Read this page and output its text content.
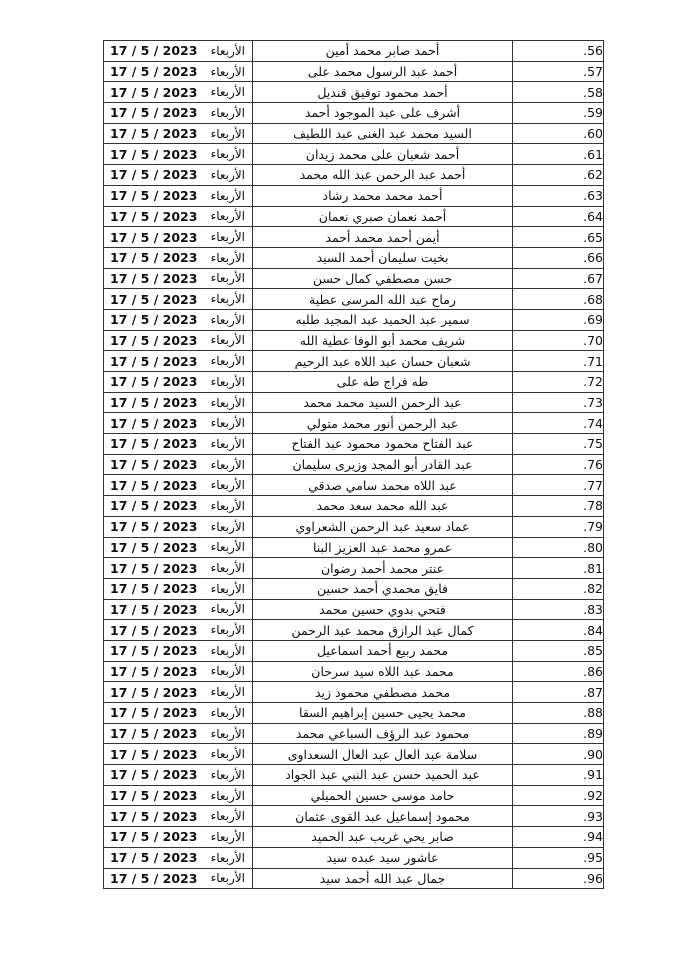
.56	أحمد صابر محمد أمين	17 / 5 / 2023 الأربعاء

.57	أحمد عبد الرسول محمد على	17 / 5 / 2023 الأربعاء

.58	أحمد محمود توفيق قنديل	17 / 5 / 2023 الأربعاء

.59	أشرف على عبد الموجود أحمد	17 / 5 / 2023 الأربعاء

.60	السيد محمد عبد الغنى عبد اللطيف	17 / 5 / 2023 الأربعاء

.61	أحمد شعبان على محمد زيدان	17 / 5 / 2023 الأربعاء

.62	أحمد عبد الرحمن عبد الله محمد	17 / 5 / 2023 الأربعاء

.63	أحمد محمد محمد رشاد	17 / 5 / 2023 الأربعاء

.64	أحمد نعمان صبري نعمان	17 / 5 / 2023 الأربعاء

.65	أيمن أحمد محمد أحمد	17 / 5 / 2023 الأربعاء

.66	بخيت سليمان أحمد السيد	17 / 5 / 2023 الأربعاء

.67	حسن مصطفي كمال حسن	17 / 5 / 2023 الأربعاء

.68	رماح عبد الله المرسى عطية	17 / 5 / 2023 الأربعاء

.69	سمير عبد الحميد عبد المجيد طلبه	17 / 5 / 2023 الأربعاء

.70	شريف محمد أبو الوفا عطية الله	17 / 5 / 2023 الأربعاء

.71	شعبان حسان عبد اللاه عبد الرحيم	17 / 5 / 2023 الأربعاء

.72	طه فراج طه على	17 / 5 / 2023 الأربعاء

.73	عبد الرحمن السيد محمد محمد	17 / 5 / 2023 الأربعاء

.74	عبد الرحمن أنور محمد متولي	17 / 5 / 2023 الأربعاء

.75	عبد الفتاح محمود محمود عبد الفتاح	17 / 5 / 2023 الأربعاء

.76	عبد القادر أبو المجد وزيرى سليمان	17 / 5 / 2023 الأربعاء

.77	عبد اللاه محمد سامي صدقي	17 / 5 / 2023 الأربعاء

.78	عبد الله محمد سعد محمد	17 / 5 / 2023 الأربعاء

.79	عماد سعيد عبد الرحمن الشعراوي	17 / 5 / 2023 الأربعاء

.80	عمرو محمد عبد العزيز البنا	17 / 5 / 2023 الأربعاء

.81	عنتر محمد أحمد رضوان	17 / 5 / 2023 الأربعاء

.82	فايق محمدي أحمد حسين	17 / 5 / 2023 الأربعاء

.83	فتحي بدوي حسين محمد	17 / 5 / 2023 الأربعاء

.84	كمال عبد الرازق محمد عبد الرحمن	17 / 5 / 2023 الأربعاء

.85	محمد ربيع أحمد اسماعيل	17 / 5 / 2023 الأربعاء

.86	محمد عبد اللاه سيد سرحان	17 / 5 / 2023 الأربعاء

.87	محمد مصطفي محمود زيد	17 / 5 / 2023 الأربعاء

.88	محمد يحيى حسين إبراهيم السقا	17 / 5 / 2023 الأربعاء

.89	محمود عبد الرؤف السباعي محمد	17 / 5 / 2023 الأربعاء

.90	سلامة عبد العال عبد العال السعداوى	17 / 5 / 2023 الأربعاء

.91	عبد الحميد حسن عبد النبي عبد الجواد	17 / 5 / 2023 الأربعاء

.92	حامد موسى حسين الحميلي	17 / 5 / 2023 الأربعاء

.93	محمود إسماعيل عبد القوى عثمان	17 / 5 / 2023 الأربعاء

.94	صابر يحي غريب عبد الحميد	17 / 5 / 2023 الأربعاء

.95	عاشور سيد عبده سيد	17 / 5 / 2023 الأربعاء

.96	جمال عبد الله أحمد سيد	17 / 5 / 2023 الأربعاء
